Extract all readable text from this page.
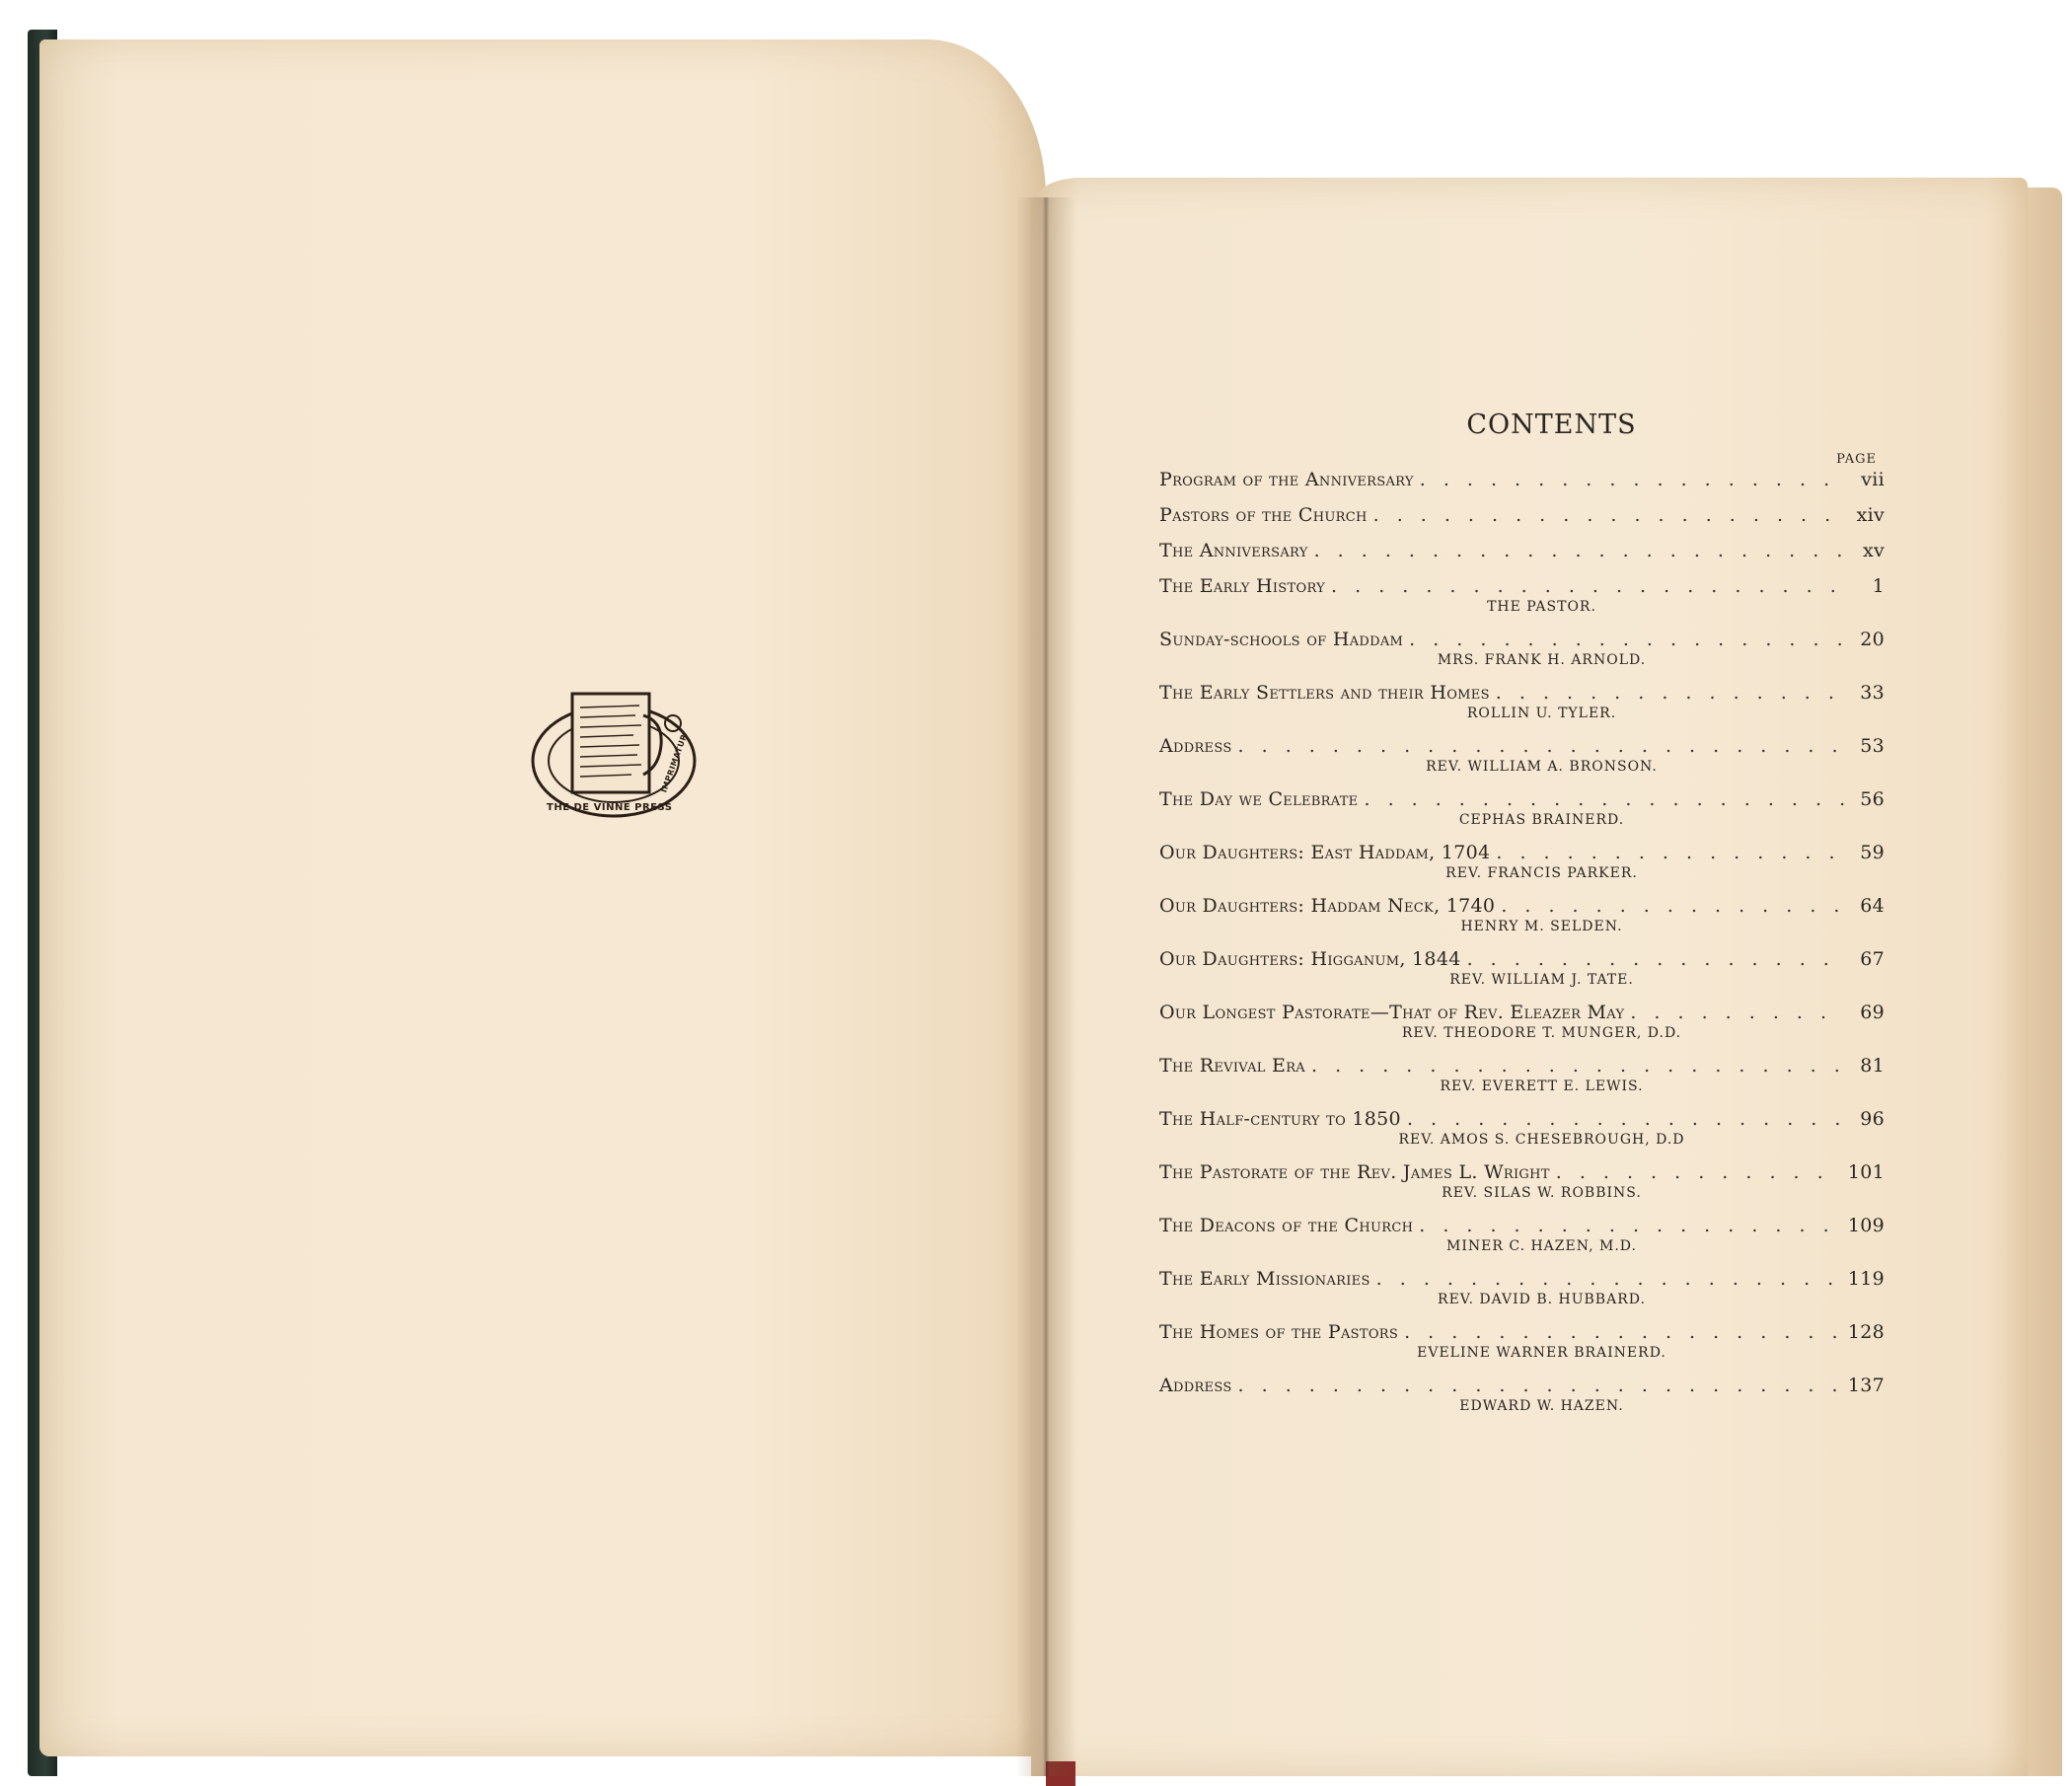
THE DE VINNE PRESS
IMPRIMATUR
CONTENTS
PAGE
Program of the Anniversary . . .	vii
Pastors of the Church . . .	xiv
The Anniversary . . .	xv
The Early History . . .	1
THE PASTOR.
Sunday-schools of Haddam . . .	20
MRS. FRANK H. ARNOLD.
The Early Settlers and their Homes . . .	33
ROLLIN U. TYLER.
Address . . .	53
REV. WILLIAM A. BRONSON.
The Day we Celebrate . . .	56
CEPHAS BRAINERD.
Our Daughters: East Haddam, 1704 . . .	59
REV. FRANCIS PARKER.
Our Daughters: Haddam Neck, 1740 . . .	64
HENRY M. SELDEN.
Our Daughters: Higganum, 1844 . . .	67
REV. WILLIAM J. TATE.
Our Longest Pastorate—That of Rev. Eleazer May . . .	69
REV. THEODORE T. MUNGER, D.D.
The Revival Era . . .	81
REV. EVERETT E. LEWIS.
The Half-century to 1850 . . .	96
REV. AMOS S. CHESEBROUGH, D.D
The Pastorate of the Rev. James L. Wright . . .	101
REV. SILAS W. ROBBINS.
The Deacons of the Church . . .	109
MINER C. HAZEN, M.D.
The Early Missionaries . . .	119
REV. DAVID B. HUBBARD.
The Homes of the Pastors . . .	128
EVELINE WARNER BRAINERD.
Address . . .	137
EDWARD W. HAZEN.
